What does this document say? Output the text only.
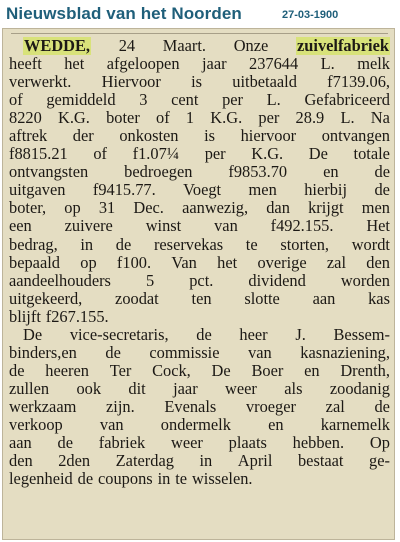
Nieuwsblad van het Noorden	27-03-1900
WEDDE, 24 Maart. Onze zuivelfabriek
heeft het afgeloopen jaar 237644 L. melk
verwerkt. Hiervoor is uitbetaald f7139.06,
of gemiddeld 3 cent per L. Gefabriceerd
8220 K.G. boter of 1 K.G. per 28.9 L. Na
aftrek der onkosten is hiervoor ontvangen
f8815.21 of f1.07¼ per K.G. De totale
ontvangsten bedroegen f9853.70 en de
uitgaven f9415.77. Voegt men hierbij de
boter, op 31 Dec. aanwezig, dan krijgt men
een zuivere winst van f492.155. Het
bedrag, in de reservekas te storten, wordt
bepaald op f100. Van het overige zal den
aandeelhouders 5 pct. dividend worden
uitgekeerd, zoodat ten slotte aan kas
blijft f267.155.
De vice-secretaris, de heer J. Bessem-
binders,en de commissie van kasnaziening,
de heeren Ter Cock, De Boer en Drenth,
zullen ook dit jaar weer als zoodanig
werkzaam zijn. Evenals vroeger zal de
verkoop van ondermelk en karnemelk
aan de fabriek weer plaats hebben. Op
den 2den Zaterdag in April bestaat ge-
legenheid de coupons in te wisselen.
